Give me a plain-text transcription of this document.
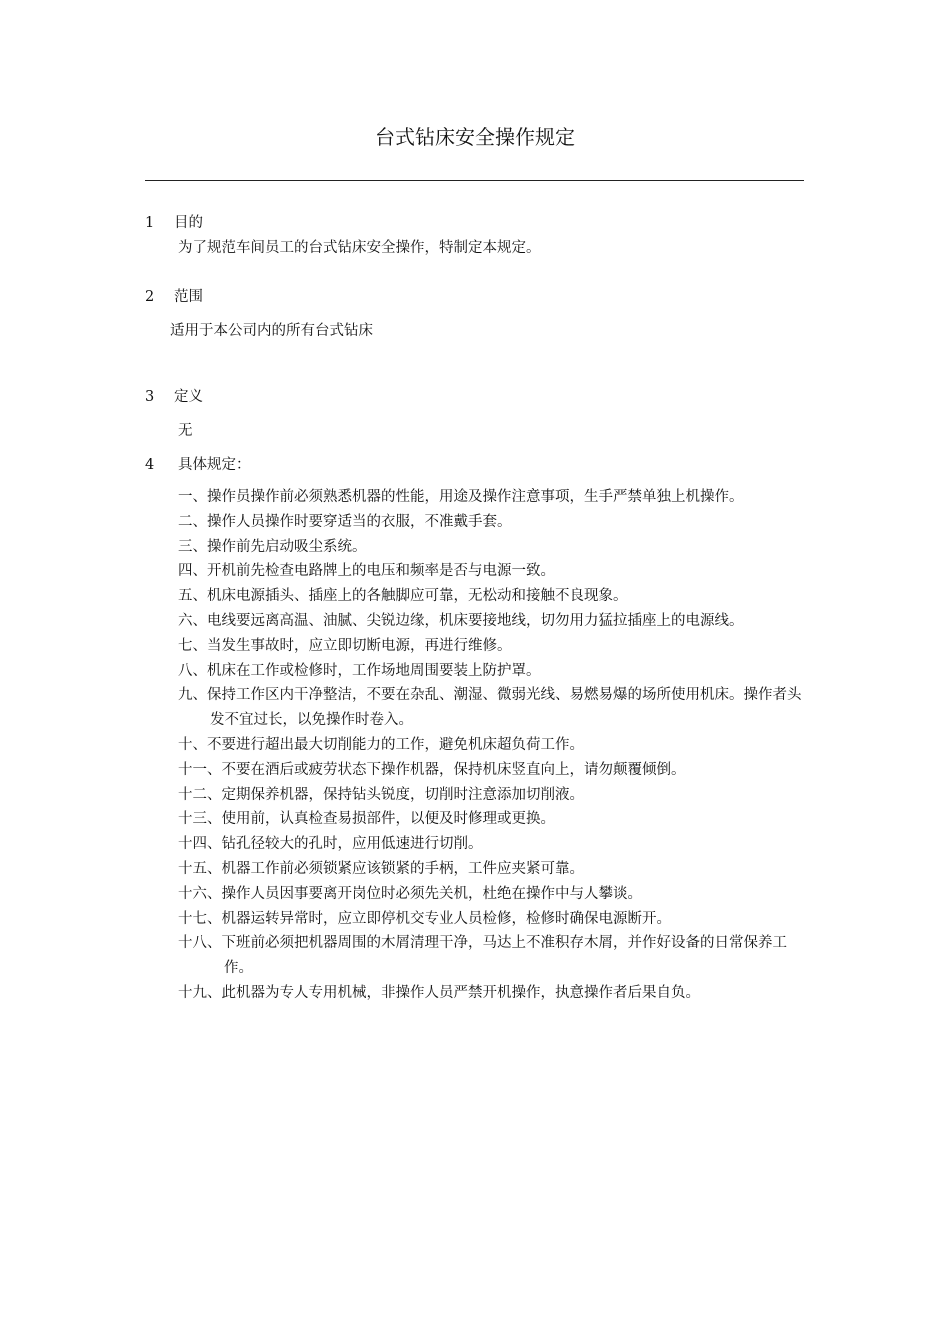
台式钻床安全操作规定
1 目的
为了规范车间员工的台式钻床安全操作，特制定本规定。
2 范围
适用于本公司内的所有台式钻床
3 定义
无
4 具体规定：
一、操作员操作前必须熟悉机器的性能，用途及操作注意事项，生手严禁单独上机操作。
二、操作人员操作时要穿适当的衣服，不准戴手套。
三、操作前先启动吸尘系统。
四、开机前先检查电路牌上的电压和频率是否与电源一致。
五、机床电源插头、插座上的各触脚应可靠，无松动和接触不良现象。
六、电线要远离高温、油腻、尖锐边缘，机床要接地线，切勿用力猛拉插座上的电源线。
七、当发生事故时，应立即切断电源，再进行维修。
八、机床在工作或检修时，工作场地周围要装上防护罩。
九、保持工作区内干净整洁，不要在杂乱、潮湿、微弱光线、易燃易爆的场所使用机床。操作者头发不宜过长，以免操作时卷入。
十、不要进行超出最大切削能力的工作，避免机床超负荷工作。
十一、不要在酒后或疲劳状态下操作机器，保持机床竖直向上，请勿颠覆倾倒。
十二、定期保养机器，保持钻头锐度，切削时注意添加切削液。
十三、使用前，认真检查易损部件，以便及时修理或更换。
十四、钻孔径较大的孔时，应用低速进行切削。
十五、机器工作前必须锁紧应该锁紧的手柄，工件应夹紧可靠。
十六、操作人员因事要离开岗位时必须先关机，杜绝在操作中与人攀谈。
十七、机器运转异常时，应立即停机交专业人员检修，检修时确保电源断开。
十八、下班前必须把机器周围的木屑清理干净，马达上不准积存木屑，并作好设备的日常保养工作。
十九、此机器为专人专用机械，非操作人员严禁开机操作，执意操作者后果自负。
